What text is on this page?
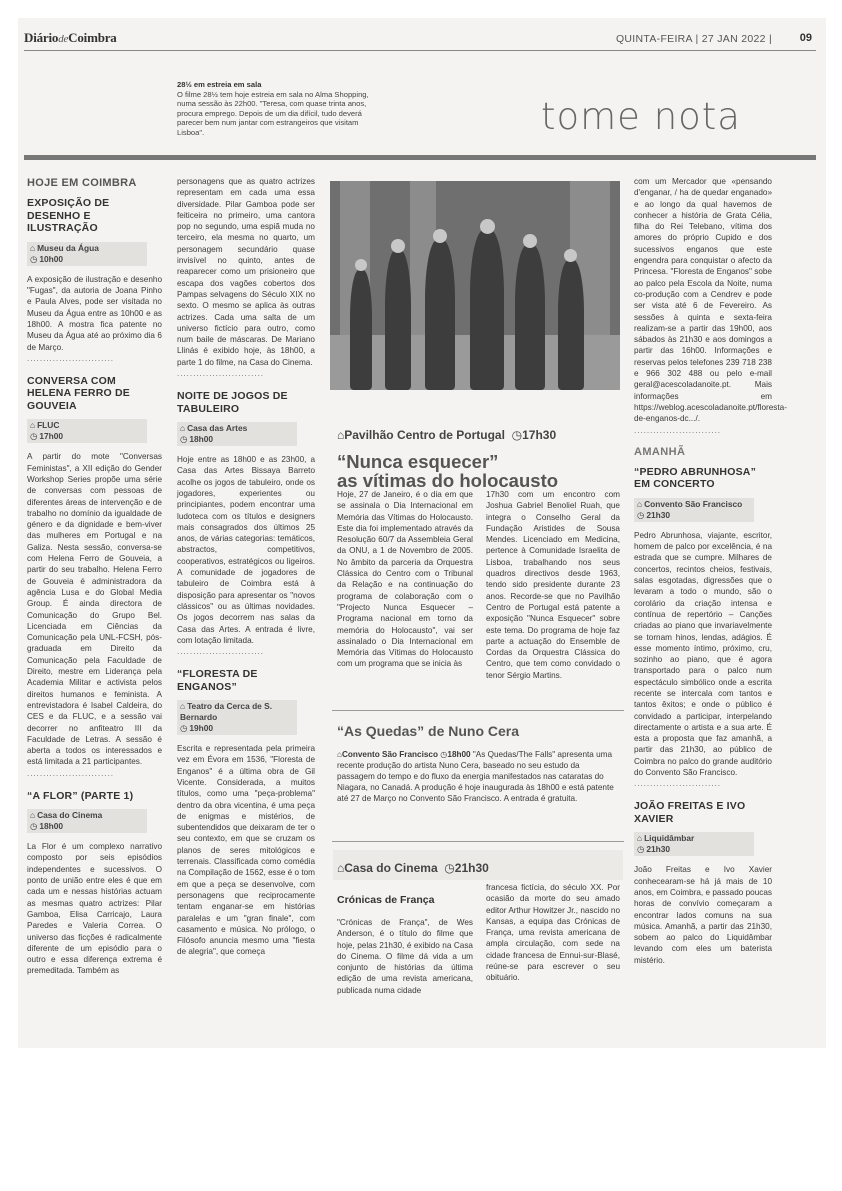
DiáriodeCoimbra	QUINTA-FEIRA | 27 JAN 2022 |	09
28½ em estreia em sala
O filme 28½ tem hoje estreia em sala no Alma Shopping, numa sessão às 22h00. "Teresa, com quase trinta anos, procura emprego. Depois de um dia difícil, tudo deverá parecer bem num jantar com estrangeiros que visitam Lisboa".	tome nota
HOJE EM COIMBRA
EXPOSIÇÃO DE DESENHO E ILUSTRAÇÃO
⌂ Museu da Água
◷ 10h00

A exposição de ilustração e desenho "Fugas", da autoria de Joana Pinho e Paula Alves, pode ser visitada no Museu da Água entre as 10h00 e as 18h00. A mostra fica patente no Museu da Água até ao próximo dia 6 de Março.

...........................
CONVERSA COM HELENA FERRO DE GOUVEIA
⌂ FLUC
◷ 17h00

A partir do mote "Conversas Feministas", a XII edição do Gender Workshop Series propõe uma série de conversas com pessoas de diferentes áreas de intervenção e de trabalho no domínio da igualdade de género e da dignidade e bem-viver das mulheres em Portugal e na Galiza. Nesta sessão, conversa-se com Helena Ferro de Gouveia, a partir do seu trabalho. Helena Ferro de Gouveia é administradora da agência Lusa e do Global Media Group. É ainda directora de Comunicação do Grupo Bel. Licenciada em Ciências da Comunicação pela UNL-FCSH, pós-graduada em Direito da Comunicação pela Faculdade de Direito, mestre em Liderança pela Academia Militar e activista pelos direitos humanos e feminista. A entrevistadora é Isabel Caldeira, do CES e da FLUC, e a sessão vai decorrer no anfiteatro III da Faculdade de Letras. A sessão é aberta a todos os interessados e está limitada a 21 participantes.

...........................
“A FLOR” (PARTE 1)
⌂ Casa do Cinema
◷ 18h00

La Flor é um complexo narrativo composto por seis episódios independentes e sucessivos. O ponto de união entre eles é que em cada um e nessas histórias actuam as mesmas quatro actrizes: Pilar Gamboa, Elisa Carricajo, Laura Paredes e Valeria Correa. O universo das ficções é radicalmente diferente de um episódio para o outro e essa diferença extrema é premeditada. Também as

personagens que as quatro actrizes representam em cada uma essa diversidade. Pilar Gamboa pode ser feiticeira no primeiro, uma cantora pop no segundo, uma espiã muda no terceiro, ela mesma no quarto, um personagem secundário quase invisível no quinto, antes de reaparecer como um prisioneiro que escapa dos vagões cobertos dos Pampas selvagens do Século XIX no sexto. O mesmo se aplica às outras actrizes. Cada uma salta de um universo fictício para outro, como num baile de máscaras. De Mariano Llinás é exibido hoje, às 18h00, a parte 1 do filme, na Casa do Cinema.

...........................
NOITE DE JOGOS DE TABULEIRO
⌂ Casa das Artes
◷ 18h00

Hoje entre as 18h00 e as 23h00, a Casa das Artes Bissaya Barreto acolhe os jogos de tabuleiro, onde os jogadores, experientes ou principiantes, podem encontrar uma ludoteca com os títulos e designers mais consagrados dos últimos 25 anos, de várias categorias: temáticos, abstractos, competitivos, cooperativos, estratégicos ou ligeiros. A comunidade de jogadores de tabuleiro de Coimbra está à disposição para apresentar os "novos clássicos" ou as últimas novidades. Os jogos decorrem nas salas da Casa das Artes. A entrada é livre, com lotação limitada.

...........................
“FLORESTA DE ENGANOS”
⌂ Teatro da Cerca de S. Bernardo
◷ 19h00

Escrita e representada pela primeira vez em Évora em 1536, "Floresta de Enganos" é a última obra de Gil Vicente. Considerada, a muitos títulos, como uma "peça-problema" dentro da obra vicentina, é uma peça de enigmas e mistérios, de subentendidos que deixaram de ter o seu contexto, em que se cruzam os planos de seres mitológicos e terrenais. Classificada como comédia na Compilação de 1562, esse é o tom em que a peça se desenvolve, com personagens que reciprocamente tentam enganar-se em histórias paralelas e um "gran finale", com casamento e música. No prólogo, o Filósofo anuncia mesmo uma "fiesta de alegria", que começa

⌂Pavilhão Centro de Portugal ◷17h30
“Nunca esquecer”
as vítimas do holocausto

Hoje, 27 de Janeiro, é o dia em que se assinala o Dia Internacional em Memória das Vítimas do Holocausto. Este dia foi implementado através da Resolução 60/7 da Assembleia Geral da ONU, a 1 de Novembro de 2005. No âmbito da parceria da Orquestra Clássica do Centro com o Tribunal da Relação e na continuação do programa de colaboração com o "Projecto Nunca Esquecer – Programa nacional em torno da memória do Holocausto", vai ser assinalado o Dia Internacional em Memória das Vítimas do Holocausto com um programa que se inicia às

17h30 com um encontro com Joshua Gabriel Benoliel Ruah, que integra o Conselho Geral da Fundação Aristides de Sousa Mendes. Licenciado em Medicina, pertence à Comunidade Israelita de Lisboa, trabalhando nos seus quadros directivos desde 1963, tendo sido presidente durante 23 anos. Recorde-se que no Pavilhão Centro de Portugal está patente a exposição "Nunca Esquecer" sobre este tema. Do programa de hoje faz parte a actuação do Ensemble de Cordas da Orquestra Clássica do Centro, que tem como convidado o tenor Sérgio Martins.

“As Quedas” de Nuno Cera
⌂Convento São Francisco ◷18h00 "As Quedas/The Falls" apresenta uma recente produção do artista Nuno Cera, baseado no seu estudo da passagem do tempo e do fluxo da energia manifestados nas cataratas do Niagara, no Canadá. A produção é hoje inaugurada às 18h00 e está patente até 27 de Março no Convento São Francisco. A entrada é gratuita.
⌂Casa do Cinema ◷21h30
Crónicas de França

"Crónicas de França", de Wes Anderson, é o título do filme que hoje, pelas 21h30, é exibido na Casa do Cinema. O filme dá vida a um conjunto de histórias da última edição de uma revista americana, publicada numa cidade

francesa fictícia, do século XX. Por ocasião da morte do seu amado editor Arthur Howitzer Jr., nascido no Kansas, a equipa das Crónicas de França, uma revista americana de ampla circulação, com sede na cidade francesa de Ennui-sur-Blasé, reúne-se para escrever o seu obituário.

com um Mercador que «pensando d'enganar, / ha de quedar enganado» e ao longo da qual havemos de conhecer a história de Grata Célia, filha do Rei Telebano, vítima dos amores do próprio Cupido e dos sucessivos enganos que este engendra para conquistar o afecto da Princesa. "Floresta de Enganos" sobe ao palco pela Escola da Noite, numa co-produção com a Cendrev e pode ser vista até 6 de Fevereiro. As sessões à quinta e sexta-feira realizam-se a partir das 19h00, aos sábados às 21h30 e aos domingos a partir das 16h00. Informações e reservas pelos telefones 239 718 238 e 966 302 488 ou pelo e-mail geral@acescoladanoite.pt. Mais informações em https://weblog.acescoladanoite.pt/floresta-de-enganos-dc.../.

...........................
AMANHÃ
“PEDRO ABRUNHOSA” EM CONCERTO
⌂ Convento São Francisco
◷ 21h30

Pedro Abrunhosa, viajante, escritor, homem de palco por excelência, é na estrada que se cumpre. Milhares de concertos, recintos cheios, festivais, salas esgotadas, digressões que o levaram a todo o mundo, são o corolário da criação intensa e contínua de repertório – Canções criadas ao piano que invariavelmente se tornam hinos, lendas, adágios. É esse momento íntimo, próximo, cru, sozinho ao piano, que é agora transportado para o palco num espectáculo simbólico onde a escrita recente se intercala com tantos e tantos êxitos; e onde o público é convidado a participar, interpelando directamente o artista e a sua arte. É esta a proposta que faz amanhã, a partir das 21h30, ao público de Coimbra no palco do grande auditório do Convento São Francisco.

...........................
JOÃO FREITAS E IVO XAVIER
⌂ Liquidâmbar
◷ 21h30

João Freitas e Ivo Xavier conhecearam-se há já mais de 10 anos, em Coimbra, e passado poucas horas de convívio começaram a encontrar lados comuns na sua música. Amanhã, a partir das 21h30, sobem ao palco do Liquidâmbar levando com eles um baterista mistério.
